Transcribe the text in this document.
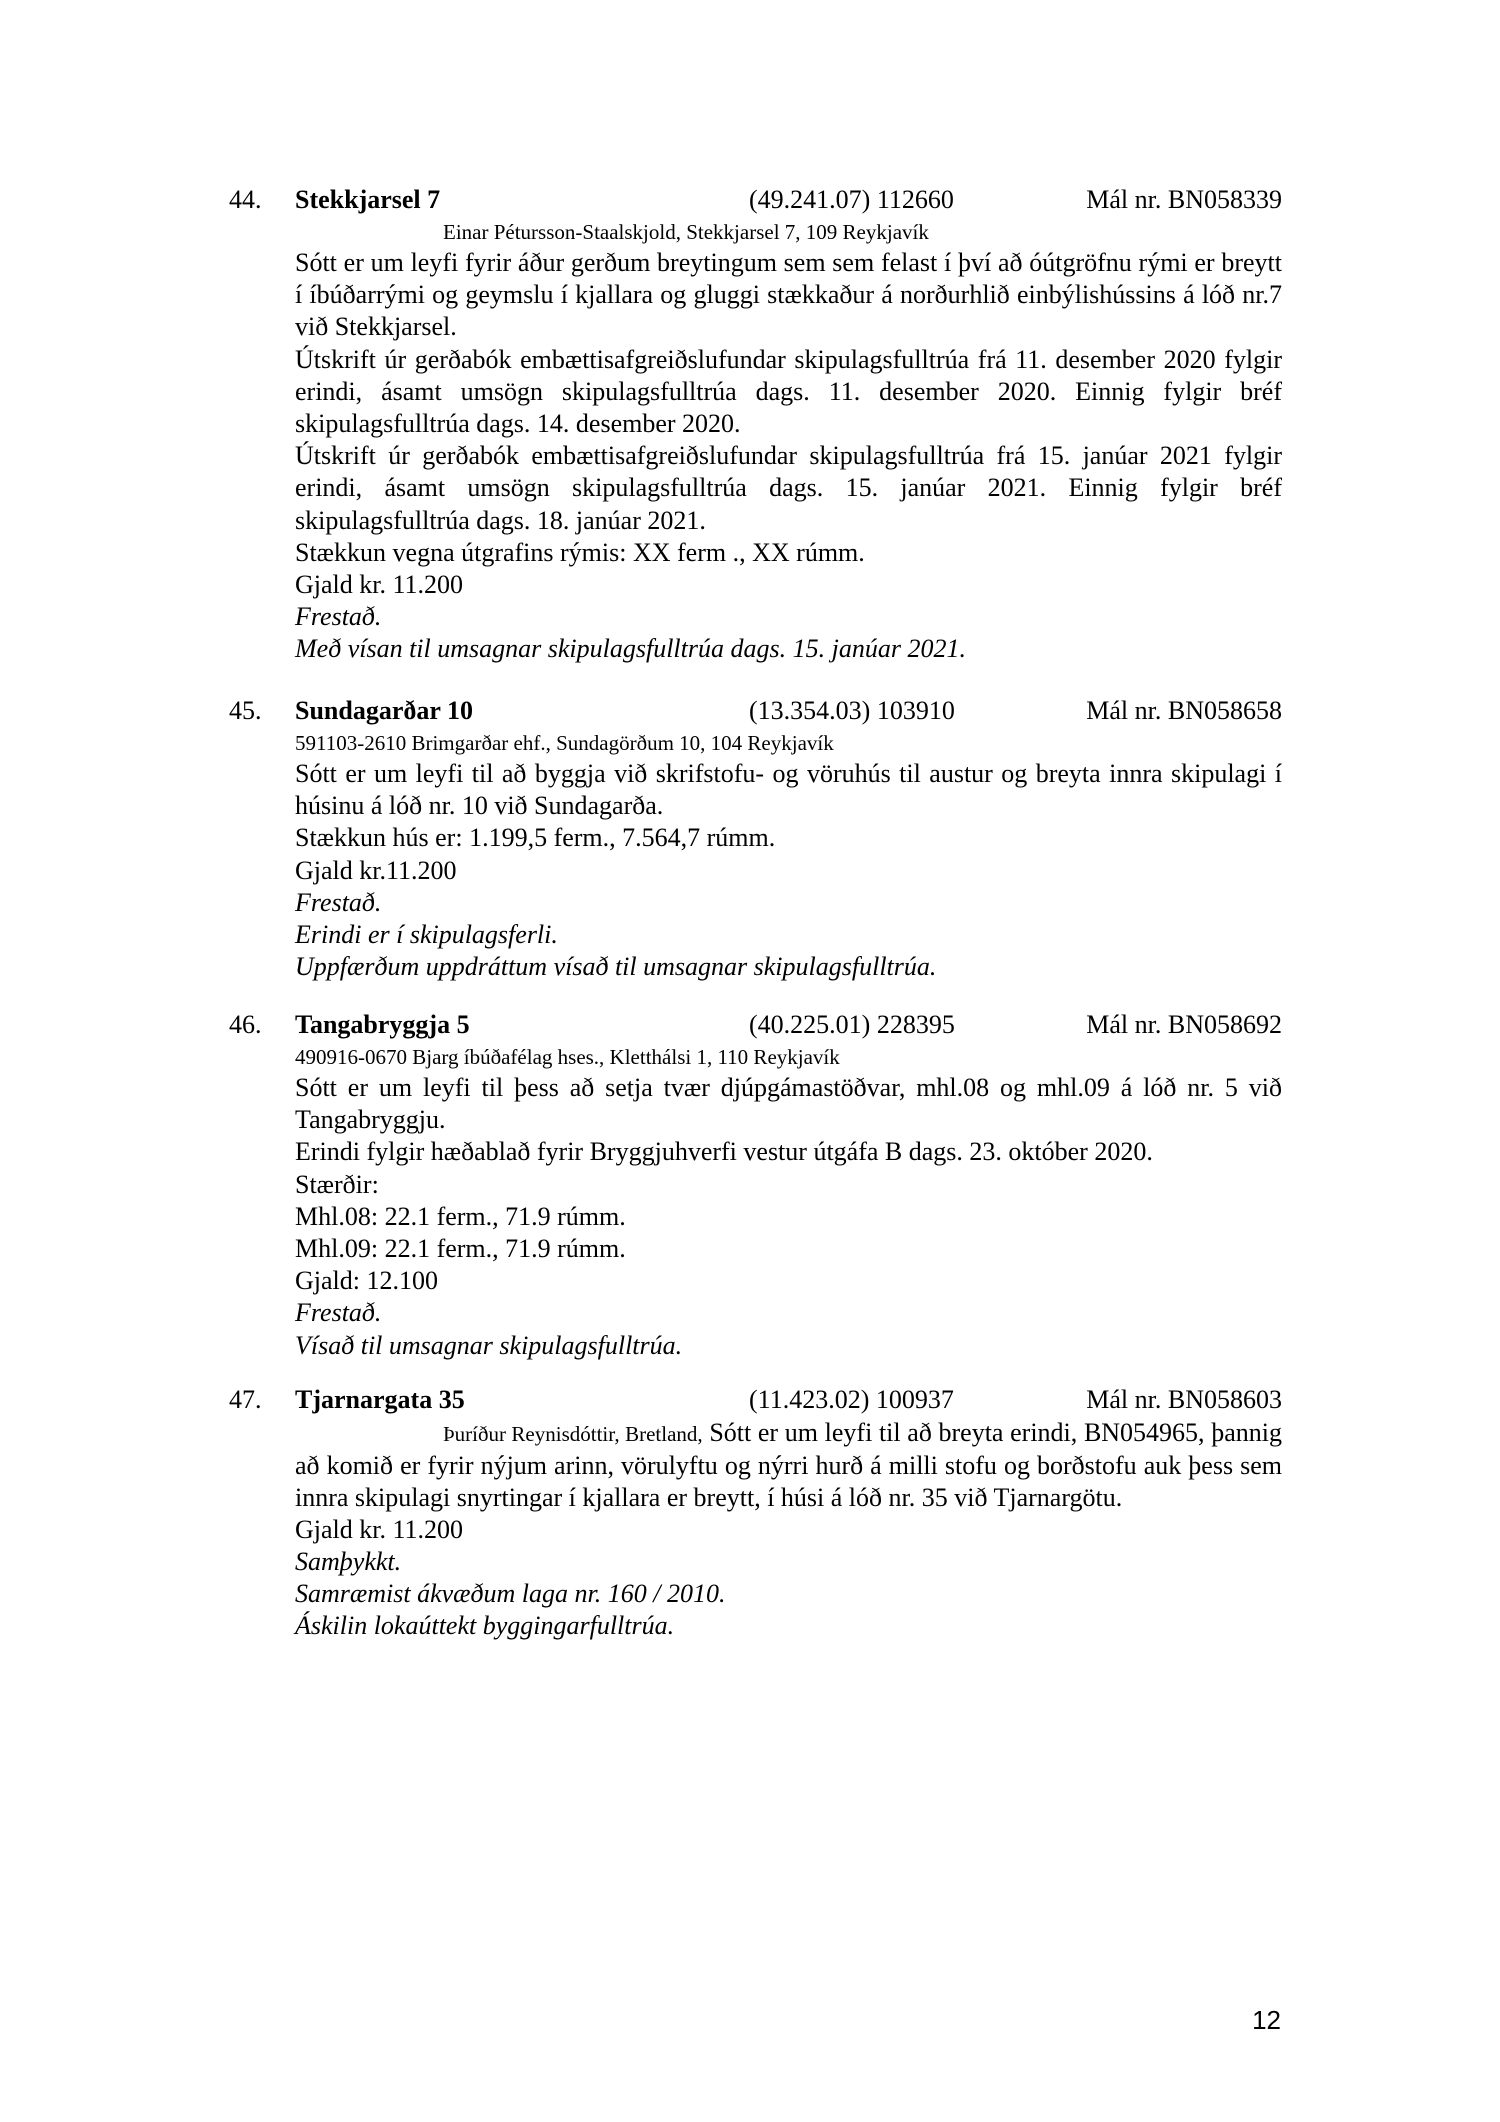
44. Stekkjarsel 7	(49.241.07) 112660	Mál nr. BN058339
Einar Pétursson-Staalskjold, Stekkjarsel 7, 109 Reykjavík
Sótt er um leyfi fyrir áður gerðum breytingum sem sem felast í því að óútgröfnu rými er breytt í íbúðarrými og geymslu í kjallara og gluggi stækkaður á norðurhlið einbýlishússins á lóð nr.7 við Stekkjarsel.
Útskrift úr gerðabók embættisafgreiðslufundar skipulagsfulltrúa frá 11. desember 2020 fylgir erindi, ásamt umsögn skipulagsfulltrúa dags. 11. desember 2020. Einnig fylgir bréf skipulagsfulltrúa dags. 14. desember 2020.
Útskrift úr gerðabók embættisafgreiðslufundar skipulagsfulltrúa frá 15. janúar 2021 fylgir erindi, ásamt umsögn skipulagsfulltrúa dags. 15. janúar 2021. Einnig fylgir bréf skipulagsfulltrúa dags. 18. janúar 2021.
Stækkun vegna útgrafins rýmis: XX ferm ., XX rúmm.
Gjald kr. 11.200
Frestað.
Með vísan til umsagnar skipulagsfulltrúa dags. 15. janúar 2021.
45. Sundagarðar 10	(13.354.03) 103910	Mál nr. BN058658
591103-2610 Brimgarðar ehf., Sundagörðum 10, 104 Reykjavík
Sótt er um leyfi til að byggja við skrifstofu- og vöruhús til austur og breyta innra skipulagi í húsinu á lóð nr. 10 við Sundagarða.
Stækkun hús er: 1.199,5 ferm., 7.564,7 rúmm.
Gjald kr.11.200
Frestað.
Erindi er í skipulagsferli.
Uppfærðum uppdráttum vísað til umsagnar skipulagsfulltrúa.
46. Tangabryggja 5	(40.225.01) 228395	Mál nr. BN058692
490916-0670 Bjarg íbúðafélag hses., Kletthálsi 1, 110 Reykjavík
Sótt er um leyfi til þess að setja tvær djúpgámastöðvar, mhl.08 og mhl.09 á lóð nr. 5 við Tangabryggju.
Erindi fylgir hæðablað fyrir Bryggjuhverfi vestur útgáfa B dags. 23. október 2020.
Stærðir:
Mhl.08: 22.1 ferm., 71.9 rúmm.
Mhl.09: 22.1 ferm., 71.9 rúmm.
Gjald: 12.100
Frestað.
Vísað til umsagnar skipulagsfulltrúa.
47. Tjarnargata 35	(11.423.02) 100937	Mál nr. BN058603
Þuríður Reynisdóttir, Bretland, Sótt er um leyfi til að breyta erindi, BN054965, þannig að komið er fyrir nýjum arinn, vörulyftu og nýrri hurð á milli stofu og borðstofu auk þess sem innra skipulagi snyrtingar í kjallara er breytt, í húsi á lóð nr. 35 við Tjarnargötu.
Gjald kr. 11.200
Samþykkt.
Samræmist ákvæðum laga nr. 160 / 2010.
Áskilin lokaúttekt byggingarfulltrúa.
12
